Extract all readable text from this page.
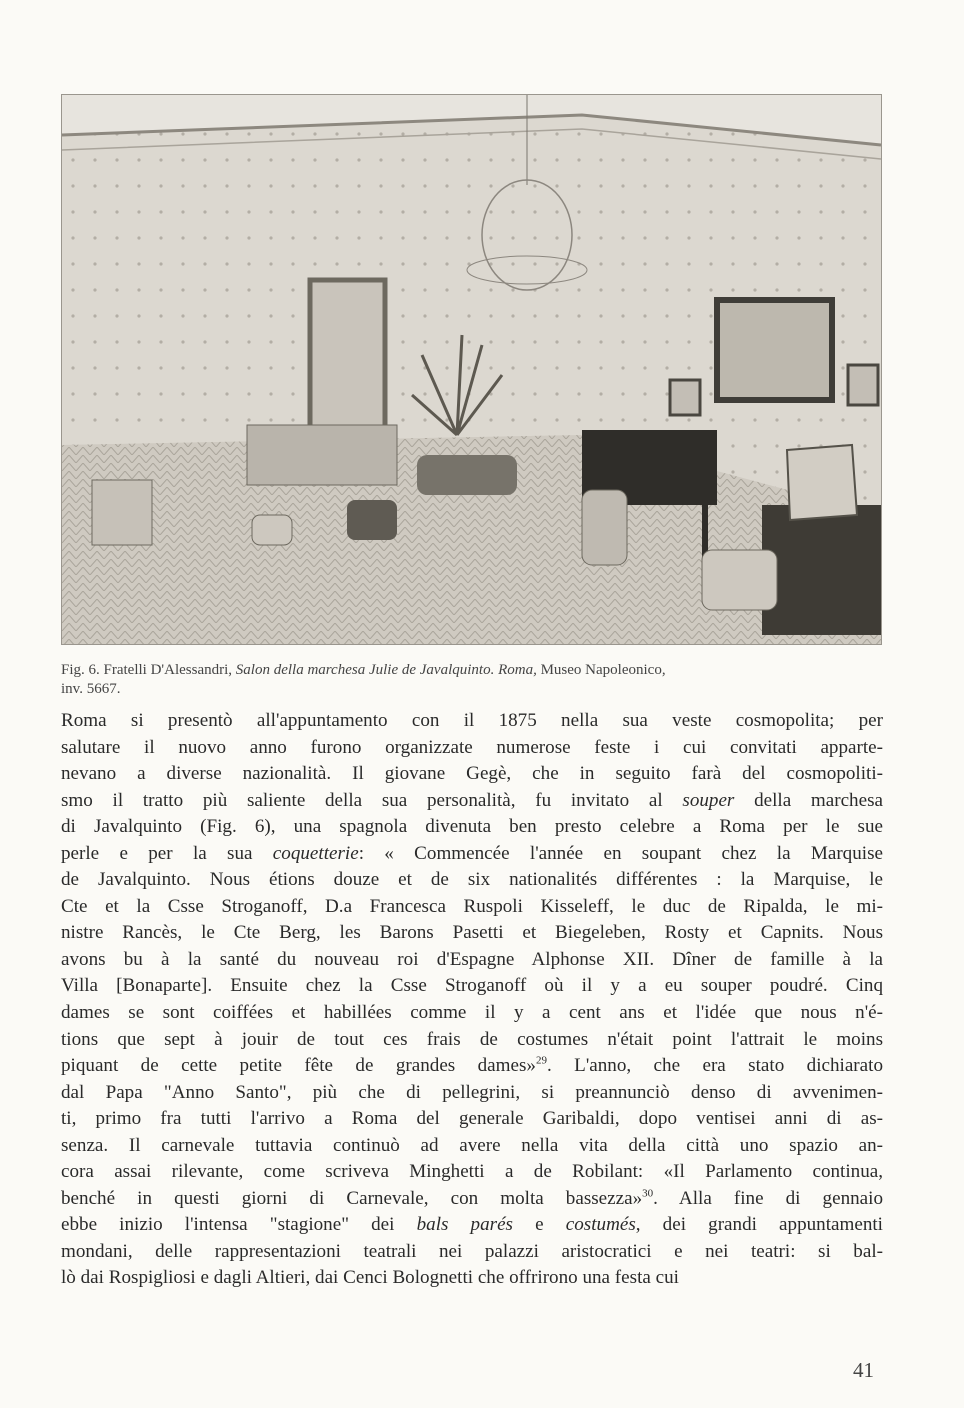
Fig. 6. Fratelli D'Alessandri, Salon della marchesa Julie de Javalquinto. Roma, Museo Napoleonico,
inv. 5667.
Roma si presentò all'appuntamento con il 1875 nella sua veste cosmopolita; per
salutare il nuovo anno furono organizzate numerose feste i cui convitati apparte-
nevano a diverse nazionalità. Il giovane Gegè, che in seguito farà del cosmopoliti-
smo il tratto più saliente della sua personalità, fu invitato al souper della marchesa
di Javalquinto (Fig. 6), una spagnola divenuta ben presto celebre a Roma per le sue
perle e per la sua coquetterie: « Commencée l'année en soupant chez la Marquise
de Javalquinto. Nous étions douze et de six nationalités différentes : la Marquise, le
Cte et la Csse Stroganoff, D.a Francesca Ruspoli Kisseleff, le duc de Ripalda, le mi-
nistre Rancès, le Cte Berg, les Barons Pasetti et Biegeleben, Rosty et Capnits. Nous
avons bu à la santé du nouveau roi d'Espagne Alphonse XII. Dîner de famille à la
Villa [Bonaparte]. Ensuite chez la Csse Stroganoff où il y a eu souper poudré. Cinq
dames se sont coiffées et habillées comme il y a cent ans et l'idée que nous n'é-
tions que sept à jouir de tout ces frais de costumes n'était point l'attrait le moins
piquant de cette petite fête de grandes dames»$^{29}$. L'anno, che era stato dichiarato
dal Papa "Anno Santo", più che di pellegrini, si preannunciò denso di avvenimen-
ti, primo fra tutti l'arrivo a Roma del generale Garibaldi, dopo ventisei anni di as-
senza. Il carnevale tuttavia continuò ad avere nella vita della città uno spazio an-
cora assai rilevante, come scriveva Minghetti a de Robilant: «Il Parlamento continua,
benché in questi giorni di Carnevale, con molta bassezza»$^{30}$. Alla fine di gennaio
ebbe inizio l'intensa "stagione" dei bals parés e costumés, dei grandi appuntamenti
mondani, delle rappresentazioni teatrali nei palazzi aristocratici e nei teatri: si bal-
lò dai Rospigliosi e dagli Altieri, dai Cenci Bolognetti che offrirono una festa cui
41
